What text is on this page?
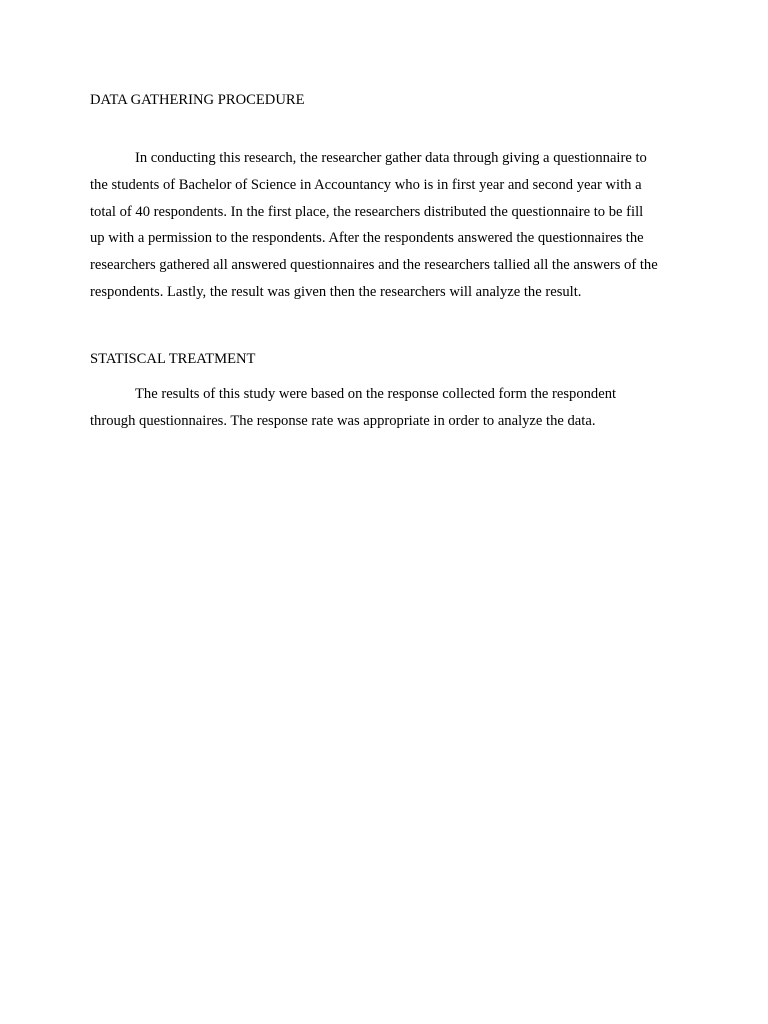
DATA GATHERING PROCEDURE

In conducting this research, the researcher gather data through giving a questionnaire to
the students of Bachelor of Science in Accountancy who is in first year and second year with a
total of 40 respondents. In the first place, the researchers distributed the questionnaire to be fill
up with a permission to the respondents. After the respondents answered the questionnaires the
researchers gathered all answered questionnaires and the researchers tallied all the answers of the
respondents. Lastly, the result was given then the researchers will analyze the result.

STATISCAL TREATMENT

The results of this study were based on the response collected form the respondent
through questionnaires. The response rate was appropriate in order to analyze the data.
